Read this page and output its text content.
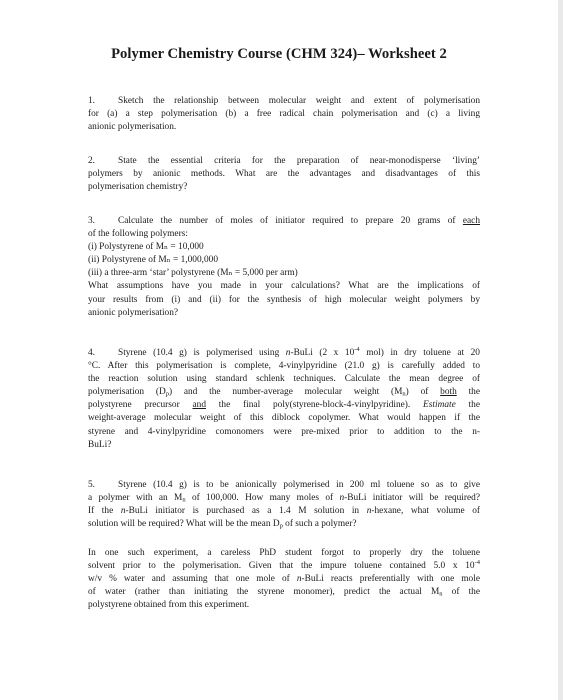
Polymer Chemistry Course (CHM 324)– Worksheet 2
1. Sketch the relationship between molecular weight and extent of polymerisation
for (a) a step polymerisation (b) a free radical chain polymerisation and (c) a living
anionic polymerisation.
2. State the essential criteria for the preparation of near-monodisperse ‘living’
polymers by anionic methods. What are the advantages and disadvantages of this
polymerisation chemistry?
3. Calculate the number of moles of initiator required to prepare 20 grams of each
of the following polymers:
(i) Polystyrene of Mₙ = 10,000
(ii) Polystyrene of Mₙ = 1,000,000
(iii) a three-arm ‘star’ polystyrene (Mₙ = 5,000 per arm)
What assumptions have you made in your calculations? What are the implications of
your results from (i) and (ii) for the synthesis of high molecular weight polymers by
anionic polymerisation?
4. Styrene (10.4 g) is polymerised using n-BuLi (2 x $10^{-4}$ mol) in dry toluene at 20
°C. After this polymerisation is complete, 4-vinylpyridine (21.0 g) is carefully added to
the reaction solution using standard schlenk techniques. Calculate the mean degree of
polymerisation $(D_p)$ and the number-average molecular weight $(M_n)$ of both the
polystyrene precursor and the final poly(styrene-block-4-vinylpyridine). Estimate the
weight-average molecular weight of this diblock copolymer. What would happen if the
styrene and 4-vinylpyridine comonomers were pre-mixed prior to addition to the n-
BuLi?
5. Styrene (10.4 g) is to be anionically polymerised in 200 ml toluene so as to give
a polymer with an $M_n$ of 100,000. How many moles of n-BuLi initiator will be required?
If the n-BuLi initiator is purchased as a 1.4 M solution in n-hexane, what volume of
solution will be required? What will be the mean $D_p$ of such a polymer?
In one such experiment, a careless PhD student forgot to properly dry the toluene
solvent prior to the polymerisation. Given that the impure toluene contained 5.0 x $10^{-4}$
w/v % water and assuming that one mole of n-BuLi reacts preferentially with one mole
of water (rather than initiating the styrene monomer), predict the actual $M_n$ of the
polystyrene obtained from this experiment.
